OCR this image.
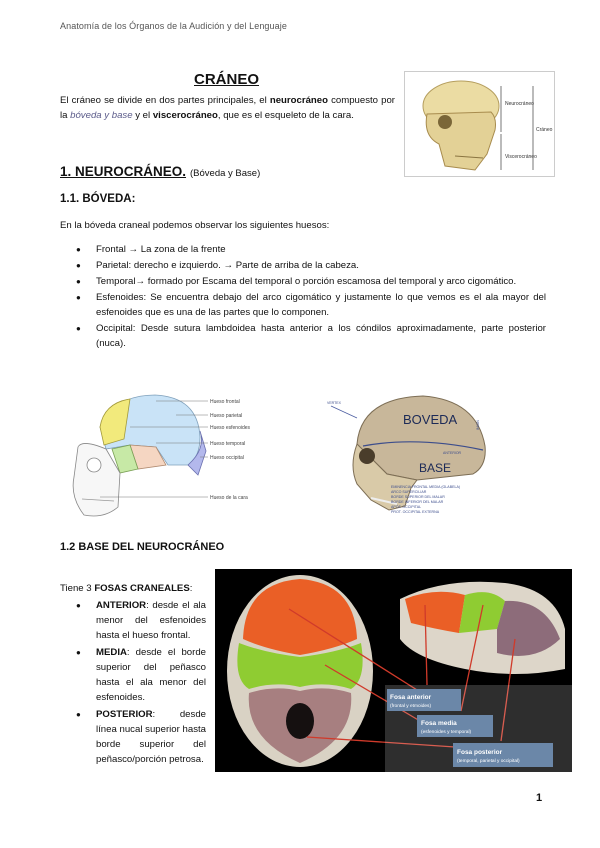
Anatomía de los Órganos de la Audición y del Lenguaje
CRÁNEO
El cráneo se divide en dos partes principales, el neurocráneo compuesto por la bóveda y base y el viscerocráneo, que es el esqueleto de la cara.
Neurocráneo
Cráneo
Viscerocráneo
1. NEUROCRÁNEO. (Bóveda y Base)
1.1. BÓVEDA:
En la bóveda craneal podemos observar los siguientes huesos:
● Frontal → La zona de la frente
● Parietal: derecho e izquierdo. → Parte de arriba de la cabeza.
● Temporal→ formado por Escama del temporal o porción escamosa del temporal y arco cigomático.
● Esfenoides: Se encuentra debajo del arco cigomático y justamente lo que vemos es el ala mayor del esfenoides que es una de las partes que lo componen.
● Occipital: Desde sutura lambdoidea hasta anterior a los cóndilos aproximadamente, parte posterior (nuca).
Hueso frontal
Hueso parietal
Hueso esfenoides
Hueso temporal
Hueso occipital
Hueso de la cara
VERTEX
BOVEDA
BASE
ANTERIOR
INION
EMINENCIA FRONTAL MEDIA (GLABELA)
ARCO SUPERCILIAR
BORDE SUPERIOR DEL MALAR
BORDE INFERIOR DEL MALAR
APÓF. OCCIPITAL
PROT. OCCIPITAL EXTERNA
1.2 BASE DEL NEUROCRÁNEO
Tiene 3 FOSAS CRANEALES:
● ANTERIOR: desde el ala menor del esfenoides hasta el hueso frontal.
● MEDIA: desde el borde superior del peñasco hasta el ala menor del esfenoides.
● POSTERIOR: desde línea nucal superior hasta borde superior del peñasco/porción petrosa.
Fosa anterior
(frontal y etmoides)
Fosa media
(esfenoides y temporal)
Fosa posterior
(temporal, parietal y occipital)
1
